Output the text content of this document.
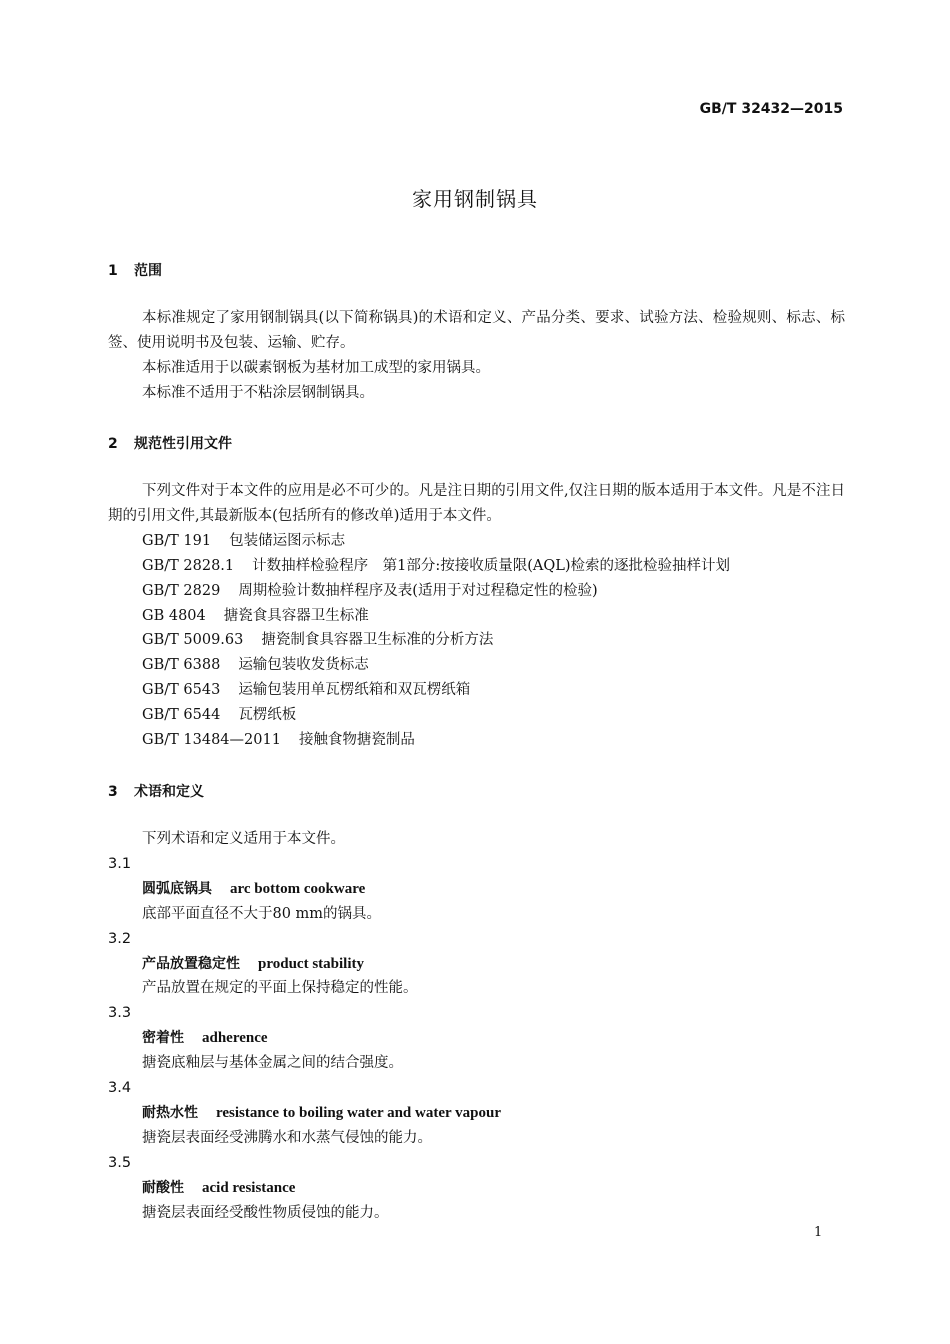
GB/T 32432—2015
家用钢制锅具
1 范围
本标准规定了家用钢制锅具(以下简称锅具)的术语和定义、产品分类、要求、试验方法、检验规则、标志、标签、使用说明书及包装、运输、贮存。
本标准适用于以碳素钢板为基材加工成型的家用锅具。
本标准不适用于不粘涂层钢制锅具。
2 规范性引用文件
下列文件对于本文件的应用是必不可少的。凡是注日期的引用文件,仅注日期的版本适用于本文件。凡是不注日期的引用文件,其最新版本(包括所有的修改单)适用于本文件。
GB/T 191 包装储运图示标志
GB/T 2828.1 计数抽样检验程序　第1部分:按接收质量限(AQL)检索的逐批检验抽样计划
GB/T 2829 周期检验计数抽样程序及表(适用于对过程稳定性的检验)
GB 4804 搪瓷食具容器卫生标准
GB/T 5009.63 搪瓷制食具容器卫生标准的分析方法
GB/T 6388 运输包装收发货标志
GB/T 6543 运输包装用单瓦楞纸箱和双瓦楞纸箱
GB/T 6544 瓦楞纸板
GB/T 13484—2011 接触食物搪瓷制品
3 术语和定义
下列术语和定义适用于本文件。
3.1
圆弧底锅具 arc bottom cookware
底部平面直径不大于80 mm的锅具。
3.2
产品放置稳定性 product stability
产品放置在规定的平面上保持稳定的性能。
3.3
密着性 adherence
搪瓷底釉层与基体金属之间的结合强度。
3.4
耐热水性 resistance to boiling water and water vapour
搪瓷层表面经受沸腾水和水蒸气侵蚀的能力。
3.5
耐酸性 acid resistance
搪瓷层表面经受酸性物质侵蚀的能力。
1
